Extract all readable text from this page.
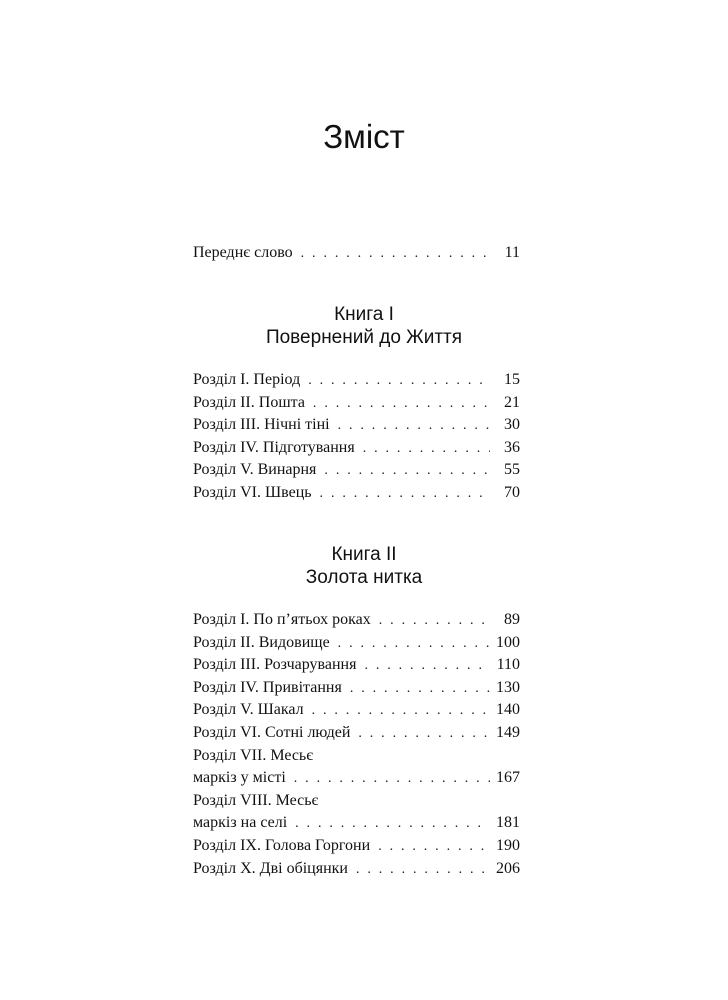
Зміст
Переднє слово . . .	11
Книга I
Повернений до Життя
Розділ I. Період . . .	15
Розділ II. Пошта . . .	21
Розділ III. Нічні тіні . . .	30
Розділ IV. Підготування . . .	36
Розділ V. Винарня . . .	55
Розділ VI. Швець . . .	70
Книга II
Золота нитка
Розділ I. По п’ятьох роках . . .	89
Розділ II. Видовище . . .	100
Розділ III. Розчарування . . .	110
Розділ IV. Привітання . . .	130
Розділ V. Шакал . . .	140
Розділ VI. Сотні людей . . .	149
Розділ VII. Месьє
маркіз у місті . . .	167
Розділ VIII. Месьє
маркіз на селі . . .	181
Розділ IX. Голова Горгони . . .	190
Розділ X. Дві обіцянки . . .	206
